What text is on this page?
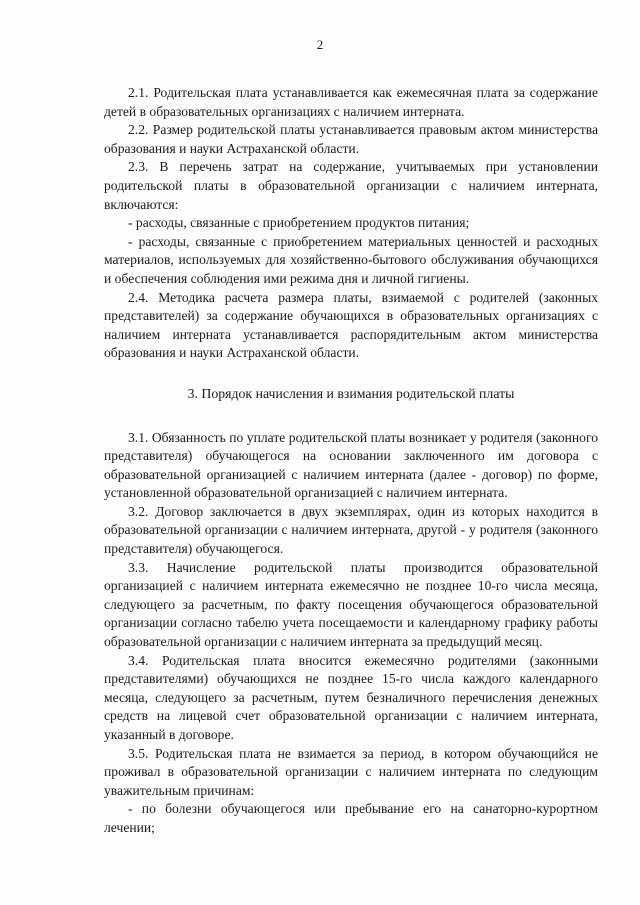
2

2.1. Родительская плата устанавливается как ежемесячная плата за содержание детей в образовательных организациях с наличием интерната.

2.2. Размер родительской платы устанавливается правовым актом министерства образования и науки Астраханской области.

2.3. В перечень затрат на содержание, учитываемых при установлении родительской платы в образовательной организации с наличием интерната, включаются:

- расходы, связанные с приобретением продуктов питания;

- расходы, связанные с приобретением материальных ценностей и расходных материалов, используемых для хозяйственно-бытового обслуживания обучающихся и обеспечения соблюдения ими режима дня и личной гигиены.

2.4. Методика расчета размера платы, взимаемой с родителей (законных представителей) за содержание обучающихся в образовательных организациях с наличием интерната устанавливается распорядительным актом министерства образования и науки Астраханской области.

3. Порядок начисления и взимания родительской платы

3.1. Обязанность по уплате родительской платы возникает у родителя (законного представителя) обучающегося на основании заключенного им договора с образовательной организацией с наличием интерната (далее - договор) по форме, установленной образовательной организацией с наличием интерната.

3.2. Договор заключается в двух экземплярах, один из которых находится в образовательной организации с наличием интерната, другой - у родителя (законного представителя) обучающегося.

3.3. Начисление родительской платы производится образовательной организацией с наличием интерната ежемесячно не позднее 10-го числа месяца, следующего за расчетным, по факту посещения обучающегося образовательной организации согласно табелю учета посещаемости и календарному графику работы образовательной организации с наличием интерната за предыдущий месяц.

3.4. Родительская плата вносится ежемесячно родителями (законными представителями) обучающихся не позднее 15-го числа каждого календарного месяца, следующего за расчетным, путем безналичного перечисления денежных средств на лицевой счет образовательной организации с наличием интерната, указанный в договоре.

3.5. Родительская плата не взимается за период, в котором обучающийся не проживал в образовательной организации с наличием интерната по следующим уважительным причинам:

- по болезни обучающегося или пребывание его на санаторно-курортном лечении;
